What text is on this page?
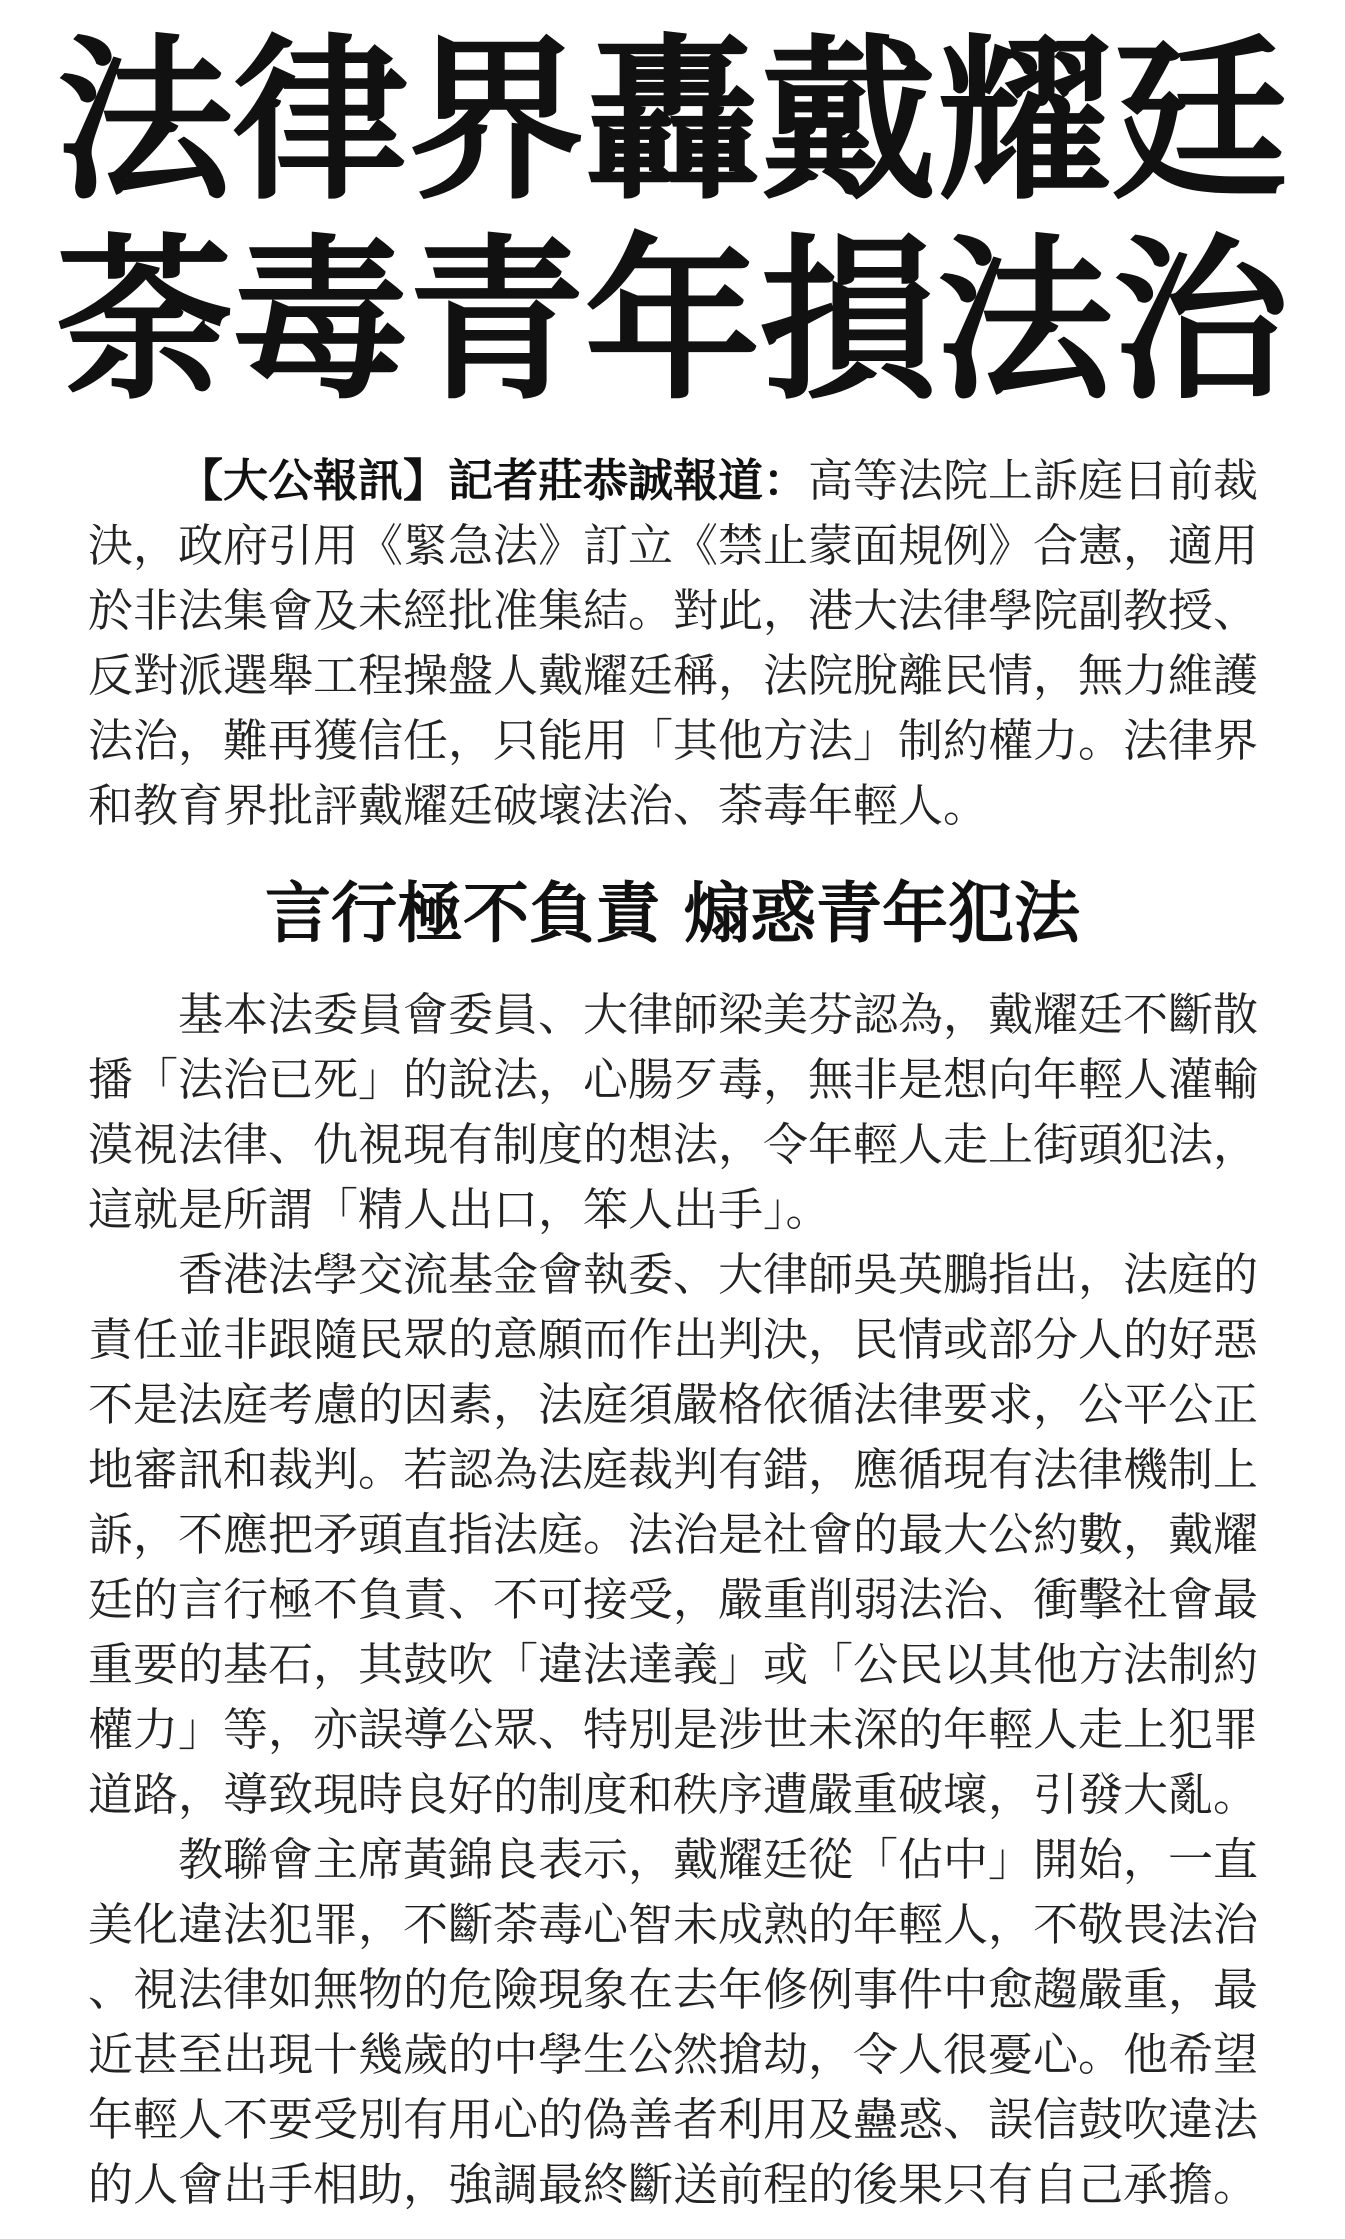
法律界轟戴耀廷
荼毒青年損法治
【大公報訊】記者莊恭誠報道：高等法院上訴庭日前裁
決，政府引用《緊急法》訂立《禁止蒙面規例》合憲，適用
於非法集會及未經批准集結。對此，港大法律學院副教授、
反對派選舉工程操盤人戴耀廷稱，法院脫離民情，無力維護
法治，難再獲信任，只能用「其他方法」制約權力。法律界
和教育界批評戴耀廷破壞法治、荼毒年輕人。
言行極不負責 煽惑青年犯法
基本法委員會委員、大律師梁美芬認為，戴耀廷不斷散
播「法治已死」的說法，心腸歹毒，無非是想向年輕人灌輸
漠視法律、仇視現有制度的想法，令年輕人走上街頭犯法，
這就是所謂「精人出口，笨人出手」。
香港法學交流基金會執委、大律師吳英鵬指出，法庭的
責任並非跟隨民眾的意願而作出判決，民情或部分人的好惡
不是法庭考慮的因素，法庭須嚴格依循法律要求，公平公正
地審訊和裁判。若認為法庭裁判有錯，應循現有法律機制上
訴，不應把矛頭直指法庭。法治是社會的最大公約數，戴耀
廷的言行極不負責、不可接受，嚴重削弱法治、衝擊社會最
重要的基石，其鼓吹「違法達義」或「公民以其他方法制約
權力」等，亦誤導公眾、特別是涉世未深的年輕人走上犯罪
道路，導致現時良好的制度和秩序遭嚴重破壞，引發大亂。
教聯會主席黃錦良表示，戴耀廷從「佔中」開始，一直
美化違法犯罪，不斷荼毒心智未成熟的年輕人，不敬畏法治
、視法律如無物的危險現象在去年修例事件中愈趨嚴重，最
近甚至出現十幾歲的中學生公然搶劫，令人很憂心。他希望
年輕人不要受別有用心的偽善者利用及蠱惑、誤信鼓吹違法
的人會出手相助，強調最終斷送前程的後果只有自己承擔。
